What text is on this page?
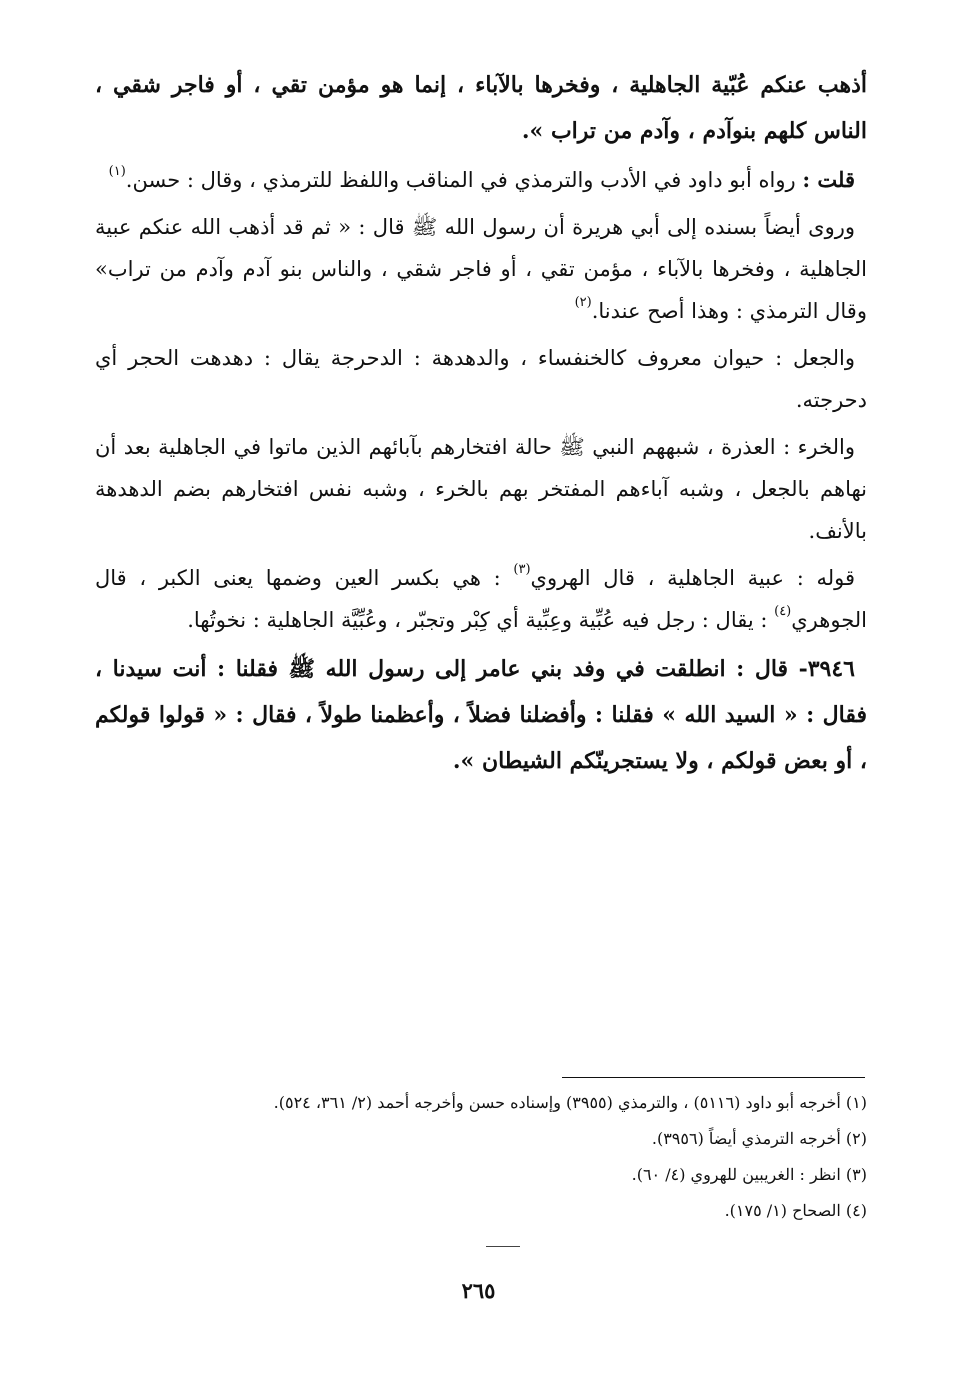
أذهب عنكم عُبّية الجاهلية ، وفخرها بالآباء ، إنما هو مؤمن تقي ، أو فاجر شقي ، الناس كلهم بنوآدم ، وآدم من تراب ».

قلت : رواه أبو داود في الأدب والترمذي في المناقب واللفظ للترمذي ، وقال : حسن.$^{(١)}$

وروى أيضاً بسنده إلى أبي هريرة أن رسول الله ﷺ قال : « ثم قد أذهب الله عنكم عبية الجاهلية ، وفخرها بالآباء ، مؤمن تقي ، أو فاجر شقي ، والناس بنو آدم وآدم من تراب» وقال الترمذي : وهذا أصح عندنا.$^{(٢)}$

والجعل : حيوان معروف كالخنفساء ، والدهدهة : الدحرجة يقال : دهدهت الحجر أي دحرجته.

والخرء : العذرة ، شبههم النبي ﷺ حالة افتخارهم بآبائهم الذين ماتوا في الجاهلية بعد أن نهاهم بالجعل ، وشبه آباءهم المفتخر بهم بالخرء ، وشبه نفس افتخارهم بضم الدهدهة بالأنف.

قوله : عبية الجاهلية ، قال الهروي$^{(٣)}$ : هي بكسر العين وضمها يعنى الكبر ، قال الجوهري$^{(٤)}$ : يقال : رجل فيه عُبِّية وعِبِّية أي كِبْر وتجبّر ، وعُبِّيَّة الجاهلية : نخوتُها.

٣٩٤٦- قال : انطلقت في وفد بني عامر إلى رسول الله ﷺ فقلنا : أنت سيدنا ، فقال : « السيد الله » فقلنا : وأفضلنا فضلاً ، وأعظمنا طولاً ، فقال : « قولوا قولكم ، أو بعض قولكم ، ولا يستجرينّكم الشيطان ».

(١) أخرجه أبو داود (٥١١٦) ، والترمذي (٣٩٥٥) وإسناده حسن وأخرجه أحمد (٢/ ٣٦١، ٥٢٤).

(٢) أخرجه الترمذي أيضاً (٣٩٥٦).

(٣) انظر : الغريبين للهروي (٤/ ٦٠).

(٤) الصحاح (١/ ١٧٥).

٢٦٥
